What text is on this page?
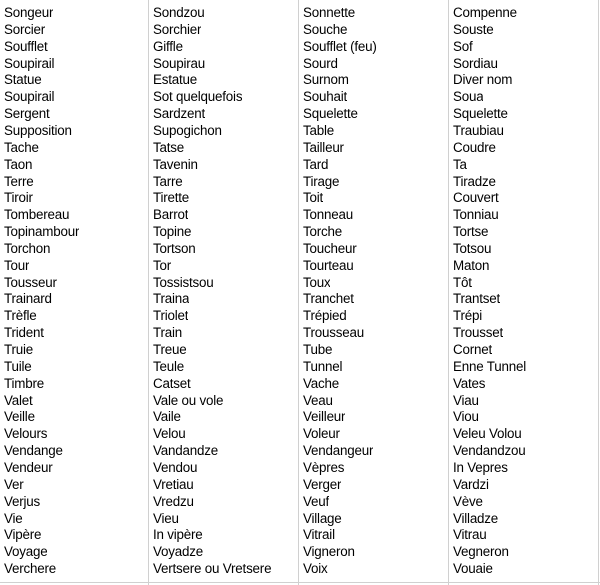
Songeur
Sorcier
Soufflet
Soupirail
Statue
Soupirail
Sergent
Supposition
Tache
Taon
Terre
Tiroir
Tombereau
Topinambour
Torchon
Tour
Tousseur
Trainard
Trèfle
Trident
Truie
Tuile
Timbre
Valet
Veille
Velours
Vendange
Vendeur
Ver
Verjus
Vie
Vipère
Voyage
Verchere
Sondzou
Sorchier
Giffle
Soupirau
Estatue
Sot quelquefois
Sardzent
Supogichon
Tatse
Tavenin
Tarre
Tirette
Barrot
Topine
Tortson
Tor
Tossistsou
Traina
Triolet
Train
Treue
Teule
Catset
Vale ou vole
Vaile
Velou
Vandandze
Vendou
Vretiau
Vredzu
Vieu
In vipère
Voyadze
Vertsere ou Vretsere
Sonnette
Souche
Soufflet (feu)
Sourd
Surnom
Souhait
Squelette
Table
Tailleur
Tard
Tirage
Toit
Tonneau
Torche
Toucheur
Tourteau
Toux
Tranchet
Trépied
Trousseau
Tube
Tunnel
Vache
Veau
Veilleur
Voleur
Vendangeur
Vèpres
Verger
Veuf
Village
Vitrail
Vigneron
Voix
Compenne
Souste
Sof
Sordiau
Diver nom
Soua
Squelette
Traubiau
Coudre
Ta
Tiradze
Couvert
Tonniau
Tortse
Totsou
Maton
Tôt
Trantset
Trépi
Trousset
Cornet
Enne Tunnel
Vates
Viau
Viou
Veleu Volou
Vendandzou
In Vepres
Vardzi
Vève
Villadze
Vitrau
Vegneron
Vouaie
